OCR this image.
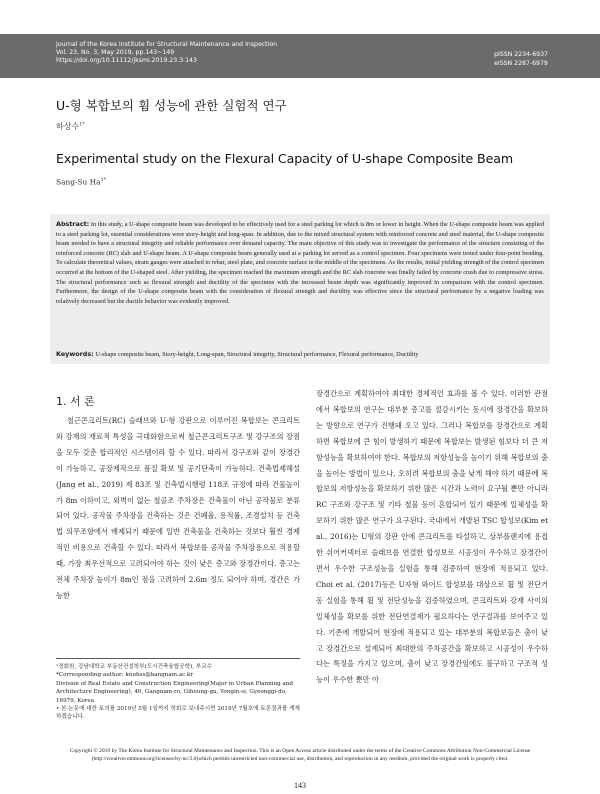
Journal of the Korea Institute for Structural Maintenance and Inspection
Vol. 23, No. 3, May 2019, pp.143~149
https://doi.org/10.11112/jksmi.2019.23.3.143
pISSN 2234-6937
eISSN 2287-6979
U-형 복합보의 휨 성능에 관한 실험적 연구
하상수$^{1*}$
Experimental study on the Flexural Capacity of U-shape Composite Beam
Sang-Su $Ha^{1*}$
Abstract: In this study, a U-shape composite beam was developed to be effectively used for a steel parking lot which is 8m or lower in height. When the U-shape composite beam was applied to a steel parking lot, essential considerations were story-height and long-span. In addition, due to the mixed structural system with reinforced concrete and steel material, the U-shape composite beam needed to have a structural integrity and reliable performance over demand capacity. The main objective of this study was to investigate the performance of the structure consisting of the reinforced concrete (RC) slab and U-shape beam. A U-shape composite beam generally used at a parking lot served as a control specimen. Four specimens were tested under four-point bending. To calculate theoretical values, strain gauges were attached to rebar, steel plate, and concrete surface in the middle of the specimens. As the results, initial yielding strength of the control specimen occurred at the bottom of the U-shaped steel. After yielding, the specimen reached the maximum strength and the RC slab concrete was finally failed by concrete crush due to compressive stress. The structural performance such as flexural strength and ductility of the specimen with the increased beam depth was significantly improved in comparison with the control specimen. Furthermore, the design of the U-shape composite beam with the consideration of flexural strength and ductility was effective since the structural performance by a negative loading was relatively decreased but the ductile behavior was evidently improved.
Keywords: U-shape composite beam, Story-height, Long-span, Structural integrity, Structural performance, Flexural performance, Ductility
1. 서 론

철근콘크리트(RC) 슬래브와 U-형 강판으로 이루어진 복합보는 콘크리트와 강재의 재료적 특성을 극대화함으로써 철근콘크리트구조 및 강구조의 장점을 모두 갖춘 합리적인 시스템이라 할 수 있다. 따라서 강구조와 같이 장경간이 가능하고, 공장제작으로 품질 확보 및 공기단축이 가능하다. 건축법제해설(Jang et al., 2019) 제 83조 및 건축법시행령 118조 규정에 따라 건물높이가 8m 이하이고, 외벽이 없는 철골조 주차장은 건축물이 아닌 공작물로 분류되어 있다. 공작물 주차장을 건축하는 것은 건폐율, 용적률, 조경설치 등 건축법 의무조항에서 배제되기 때문에 일반 건축물을 건축하는 것보다 훨씬 경제적인 비용으로 건축할 수 있다. 따라서 복합보를 공작물 주차장용으로 적용할 때, 가장 최우선적으로 고려되어야 하는 것이 낮은 층고와 장경간이다. 층고는 전체 주차장 높이가 8m인 점을 고려하여 2.6m 정도 되어야 하며, 경간은 가능한

장경간으로 계획하여야 최대한 경제적인 효과를 볼 수 있다. 이러한 관점에서 복합보의 연구는 대부분 층고를 절감시키는 동시에 장경간을 확보하는 방향으로 연구가 진행돼 오고 있다. 그러나 복합보를 장경간으로 계획하면 복합보에 큰 힘이 발생하기 때문에 복합보는 발생된 힘보다 더 큰 저항성능을 확보하여야 한다. 복합보의 저항성능을 높이기 위해 복합보의 춤을 높이는 방법이 있으나, 오히려 복합보의 춤을 낮게 해야 하기 때문에 복합보의 저항성능을 확보하기 위한 많은 시간과 노력이 요구될 뿐만 아니라 RC 구조와 강구조 및 기타 철물 등이 혼합되어 있기 때문에 일체성을 확보하기 위한 많은 연구가 요구된다. 국내에서 개발된 TSC 합성보(Kim et al., 2016)는 U형의 강판 안에 콘크리트를 타설하고, 상부플랜지에 용접한 쉬어커넥터로 슬래브를 연결한 합성보로 시공성이 우수하고 장경간이면서 우수한 구조성능을 실험을 통해 검증하여 현장에 적용되고 있다. Choi et al. (2017)등은 U자형 와이드 합성보를 대상으로 휨 및 전단거동 실험을 통해 휨 및 전단성능을 검증하였으며, 콘크리트와 강재 사이의 일체성을 확보를 위한 전단연결재가 필요하다는 연구결과를 보여주고 있다. 기존에 개발되어 현장에 적용되고 있는 대부분의 복합보들은 춤이 낮고 장경간으로 설계되어 최대한의 주차공간을 확보하고 시공성이 우수하다는 특징을 가지고 있으며, 춤이 낮고 장경간임에도 불구하고 구조적 성능이 우수한 뿐만 아

¹정회원, 강남대학교 부동산건설학부(도시건축융합공학), 부교수
*Corresponding author: knuhss@kangnam.ac.kr
Division of Real Estate and Construction Engineering(Major in Urban Planning and Architecture Engineering), 40, Gangnam-ro, Giheung-gu, Yongin-si, Gyeonggi-do, 16979, Korea
• 본 논문에 대한 토의를 2019년 5월 1일까지 학회로 보내주시면 2019년 7월호에 토론결과를 게재하겠습니다.
Copyright © 2019 by The Korea Institute for Structural Maintenance and Inspection. This is an Open Access article distributed under the terms of the Creative Commons Attribution Non-Commercial License (http://creativecommons.org/licenses/by-nc/3.0)which permits unrestricted non-commercial use, distribution, and reproduction in any medium, provided the original work is properly cited.
143
